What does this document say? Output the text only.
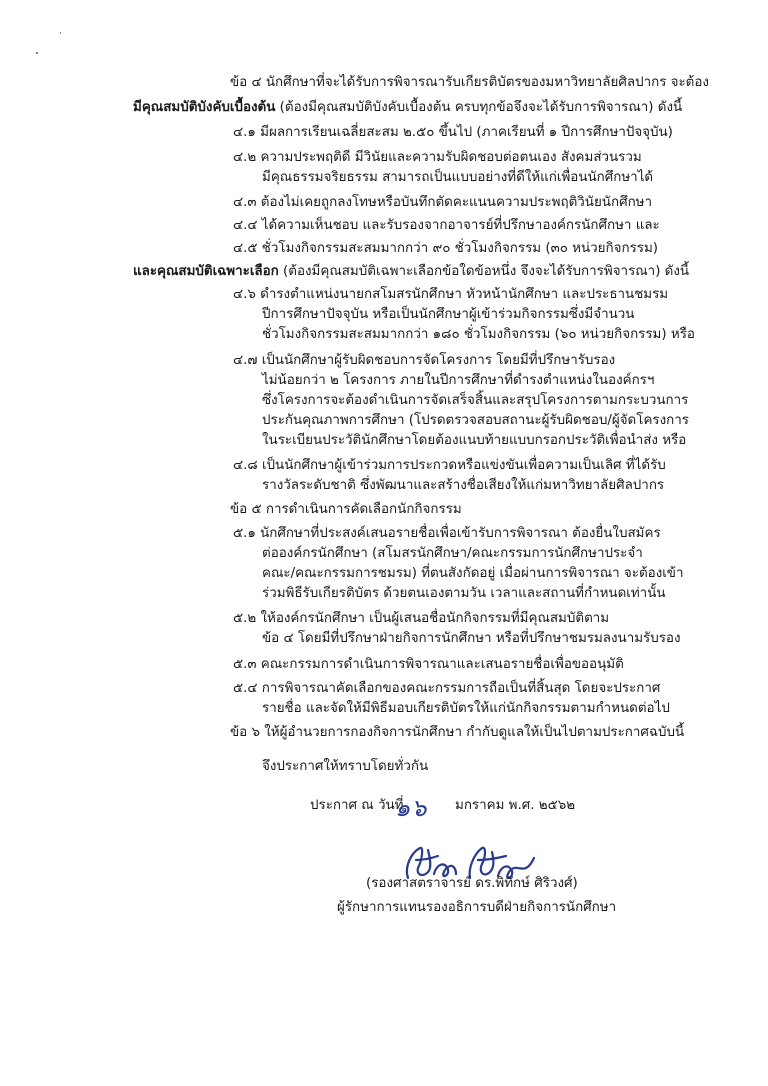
ข้อ ๔ นักศึกษาที่จะได้รับการพิจารณารับเกียรติบัตรของมหาวิทยาลัยศิลปากร จะต้อง
มีคุณสมบัติบังคับเบื้องต้น (ต้องมีคุณสมบัติบังคับเบื้องต้น ครบทุกข้อจึงจะได้รับการพิจารณา) ดังนี้
๔.๑ มีผลการเรียนเฉลี่ยสะสม ๒.๕๐ ขึ้นไป (ภาคเรียนที่ ๑ ปีการศึกษาปัจจุบัน)
๔.๒ ความประพฤติดี มีวินัยและความรับผิดชอบต่อตนเอง สังคมส่วนรวม
มีคุณธรรมจริยธรรม สามารถเป็นแบบอย่างที่ดีให้แก่เพื่อนนักศึกษาได้
๔.๓ ต้องไม่เคยถูกลงโทษหรือบันทึกตัดคะแนนความประพฤติวินัยนักศึกษา
๔.๔ ได้ความเห็นชอบ และรับรองจากอาจารย์ที่ปรึกษาองค์กรนักศึกษา และ
๔.๕ ชั่วโมงกิจกรรมสะสมมากกว่า ๙๐ ชั่วโมงกิจกรรม (๓๐ หน่วยกิจกรรม)
และคุณสมบัติเฉพาะเลือก (ต้องมีคุณสมบัติเฉพาะเลือกข้อใดข้อหนึ่ง จึงจะได้รับการพิจารณา) ดังนี้
๔.๖ ดำรงตำแหน่งนายกสโมสรนักศึกษา หัวหน้านักศึกษา และประธานชมรม
ปีการศึกษาปัจจุบัน หรือเป็นนักศึกษาผู้เข้าร่วมกิจกรรมซึ่งมีจำนวน
ชั่วโมงกิจกรรมสะสมมากกว่า ๑๘๐ ชั่วโมงกิจกรรม (๖๐ หน่วยกิจกรรม) หรือ
๔.๗ เป็นนักศึกษาผู้รับผิดชอบการจัดโครงการ โดยมีที่ปรึกษารับรอง
ไม่น้อยกว่า ๒ โครงการ ภายในปีการศึกษาที่ดำรงตำแหน่งในองค์กรฯ
ซึ่งโครงการจะต้องดำเนินการจัดเสร็จสิ้นและสรุปโครงการตามกระบวนการ
ประกันคุณภาพการศึกษา (โปรดตรวจสอบสถานะผู้รับผิดชอบ/ผู้จัดโครงการ
ในระเบียนประวัตินักศึกษาโดยต้องแนบท้ายแบบกรอกประวัติเพื่อนำส่ง หรือ
๔.๘ เป็นนักศึกษาผู้เข้าร่วมการประกวดหรือแข่งขันเพื่อความเป็นเลิศ ที่ได้รับ
รางวัลระดับชาติ ซึ่งพัฒนาและสร้างชื่อเสียงให้แก่มหาวิทยาลัยศิลปากร
ข้อ ๕ การดำเนินการคัดเลือกนักกิจกรรม
๕.๑ นักศึกษาที่ประสงค์เสนอรายชื่อเพื่อเข้ารับการพิจารณา ต้องยื่นใบสมัคร
ต่อองค์กรนักศึกษา (สโมสรนักศึกษา/คณะกรรมการนักศึกษาประจำ
คณะ/คณะกรรมการชมรม) ที่ตนสังกัดอยู่ เมื่อผ่านการพิจารณา จะต้องเข้า
ร่วมพิธีรับเกียรติบัตร ด้วยตนเองตามวัน เวลาและสถานที่กำหนดเท่านั้น
๕.๒ ให้องค์กรนักศึกษา เป็นผู้เสนอชื่อนักกิจกรรมที่มีคุณสมบัติตาม
ข้อ ๔ โดยมีที่ปรึกษาฝ่ายกิจการนักศึกษา หรือที่ปรึกษาชมรมลงนามรับรอง
๕.๓ คณะกรรมการดำเนินการพิจารณาและเสนอรายชื่อเพื่อขออนุมัติ
๕.๔ การพิจารณาคัดเลือกของคณะกรรมการถือเป็นที่สิ้นสุด โดยจะประกาศ
รายชื่อ และจัดให้มีพิธีมอบเกียรติบัตรให้แก่นักกิจกรรมตามกำหนดต่อไป
ข้อ ๖ ให้ผู้อำนวยการกองกิจการนักศึกษา กำกับดูแลให้เป็นไปตามประกาศฉบับนี้
จึงประกาศให้ทราบโดยทั่วกัน
ประกาศ ณ วันที่
๑๖ มกราคม พ.ศ. ๒๕๖๒
(รองศาสตราจารย์ ดร.พิทักษ์ ศิริวงศ์)
ผู้รักษาการแทนรองอธิการบดีฝ่ายกิจการนักศึกษา
